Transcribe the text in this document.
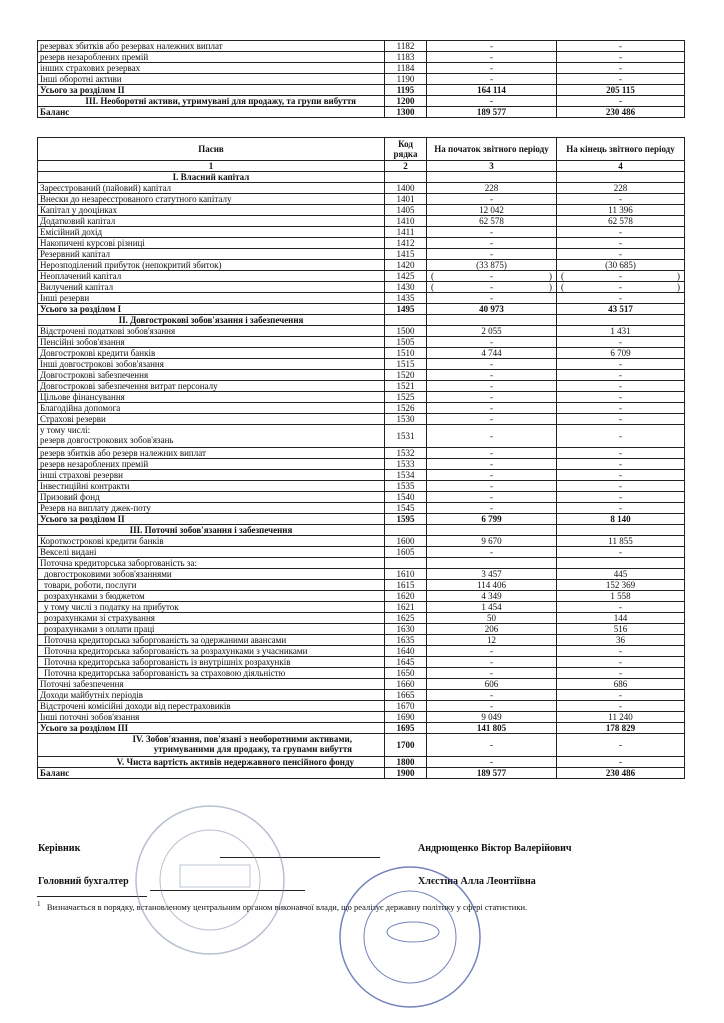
резервах збитків або резервах належних виплат	1182	-	-
резерв незароблених премій	1183	-	-
інших страхових резервах	1184	-	-
Інші оборотні активи	1190	-	-
Усього за розділом II	1195	164 114	205 115
III. Необоротні активи, утримувані для продажу, та групи вибуття	1200	-	-
Баланс	1300	189 577	230 486
Пасив	Код рядка	На початок звітного періоду	На кінець звітного періоду
1	2	3	4
I. Власний капітал			
Зареєстрований (пайовий) капітал	1400	228	228
Внески до незареєстрованого статутного капіталу	1401	-	-
Капітал у дооцінках	1405	12 042	11 396
Додатковий капітал	1410	62 578	62 578
Емісійний дохід	1411	-	-
Накопичені курсові різниці	1412	-	-
Резервний капітал	1415	-	-
Нерозподілений прибуток (непокритий збиток)	1420	(33 875)	(30 685)
Неоплачений капітал	1425	( - )	( - )

Вилучений капітал	1430	( - )	( - )

Інші резерви	1435	-	-
Усього за розділом I	1495	40 973	43 517
II. Довгострокові зобов'язання і забезпечення			
Відстрочені податкові зобов'язання	1500	2 055	1 431
Пенсійні зобов'язання	1505	-	-
Довгострокові кредити банків	1510	4 744	6 709
Інші довгострокові зобов'язання	1515	-	-
Довгострокові забезпечення	1520	-	-
Довгострокові забезпечення витрат персоналу	1521	-	-
Цільове фінансування	1525	-	-
Благодійна допомога	1526	-	-
Страхові резерви	1530	-	-

у тому числі:
резерв довгострокових зобов'язань	1531	-	-
резерв збитків або резерв належних виплат	1532	-	-
резерв незароблених премій	1533	-	-
інші страхові резерви	1534	-	-
Інвестиційні контракти	1535	-	-
Призовий фонд	1540	-	-
Резерв на виплату джек-поту	1545	-	-
Усього за розділом II	1595	6 799	8 140
III. Поточні зобов'язання і забезпечення			
Короткострокові кредити банків	1600	9 670	11 855
Векселі видані	1605	-	-
Поточна кредиторська заборгованість за:			
довгостроковими зобов'язаннями	1610	3 457	445
товари, роботи, послуги	1615	114 406	152 369
розрахунками з бюджетом	1620	4 349	1 558
у тому числі з податку на прибуток	1621	1 454	-
розрахунками зі страхування	1625	50	144
розрахунками з оплати праці	1630	206	516
Поточна кредиторська заборгованість за одержаними авансами	1635	12	36
Поточна кредиторська заборгованість за розрахунками з учасниками	1640	-	-
Поточна кредиторська заборгованість із внутрішніх розрахунків	1645	-	-
Поточна кредиторська заборгованість за страховою діяльністю	1650	-	-
Поточні забезпечення	1660	606	686
Доходи майбутніх періодів	1665	-	-
Відстрочені комісійні доходи від перестраховиків	1670	-	-
Інші поточні зобов'язання	1690	9 049	11 240
Усього за розділом III	1695	141 805	178 829

IV. Зобов'язання, пов'язані з необоротними активами,
утримуваними для продажу, та групами вибуття	1700	-	-
V. Чиста вартість активів недержавного пенсійного фонду	1800	-	-
Баланс	1900	189 577	230 486
Керівник	Андрющенко Віктор Валерійович
Головний бухгалтер	Хлєстіна Алла Леонтіївна
$^1$ Визначається в порядку, встановленому центральним органом виконавчої влади, що реалізує державну політику у сфері статистики.
